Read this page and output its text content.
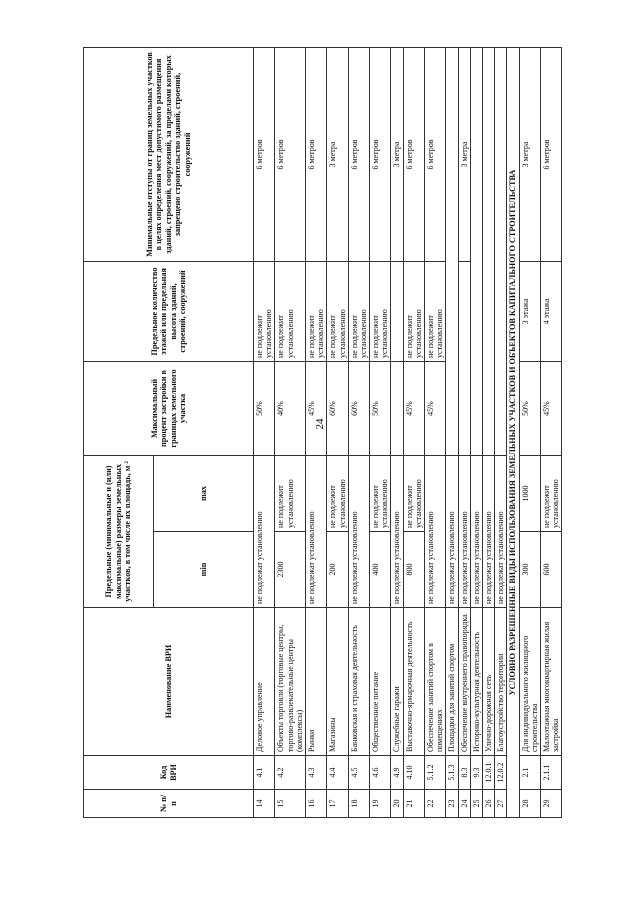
24
№ п/п	Код ВРИ	Наименование ВРИ	Предельные (минимальные и (или) максимальные) размеры земельных участков, в том числе их площадь, м ²		Максимальный процент застройки в границах земельного участка	Предельное количество этажей или предельная высота зданий, строений, сооружений	Минимальные отступы от границ земельных участков в целях определения мест допустимого размещения зданий, строений, сооружений, за пределами которых запрещено строительство зданий, строений, сооружений
			min	max			
14	4.1	Деловое управление	не подлежат установлению		50%	не подлежит установлению	6 метров
15	4.2	Объекты торговли (торговые центры, торгово-развлекательные центры (комплексы)	2300	не подлежит установлению	40%	не подлежит установлению	6 метров
16	4.3	Рынки	не подлежат установлению		45%	не подлежит установлению	6 метров
17	4.4	Магазины	200	не подлежит установлению	60%	не подлежит установлению	3 метра
18	4.5	Банковская и страховая деятельность	не подлежат установлению		60%	не подлежит установлению	6 метров
19	4.6	Общественное питание	400	не подлежит установлению	50%	не подлежит установлению	6 метров
20	4.9	Служебные гаражи	не подлежат установлению				3 метра
21	4.10	Выставочно-ярмарочная деятельность	800	не подлежит установлению	45%	не подлежит установлению	6 метров
22	5.1.2	Обеспечение занятий спортом в помещениях	не подлежат установлению		45%	не подлежит установлению	6 метров
23	5.1.3	Площадки для занятий спортом	не подлежат установлению				
24	8.3	Обеспечение внутреннего правопорядка	не подлежат установлению				3 метра
25	9.3	Историко-культурная деятельность	не подлежат установлению				
26	12.0.1	Улично-дорожная сеть	не подлежат установлению				
27	12.0.2	Благоустройство территории	не подлежат установлению				
УСЛОВНО РАЗРЕШЕННЫЕ ВИДЫ ИСПОЛЬЗОВАНИЯ ЗЕМЕЛЬНЫХ УЧАСТКОВ И ОБЪЕКТОВ КАПИТАЛЬНОГО СТРОИТЕЛЬСТВА							
28	2.1	Для индивидуального жилищного строительства	300	1000	50%	3 этажа	3 метра
29	2.1.1	Малоэтажная многоквартирная жилая застройка	600	не подлежит установлению	45%	4 этажа	6 метров
